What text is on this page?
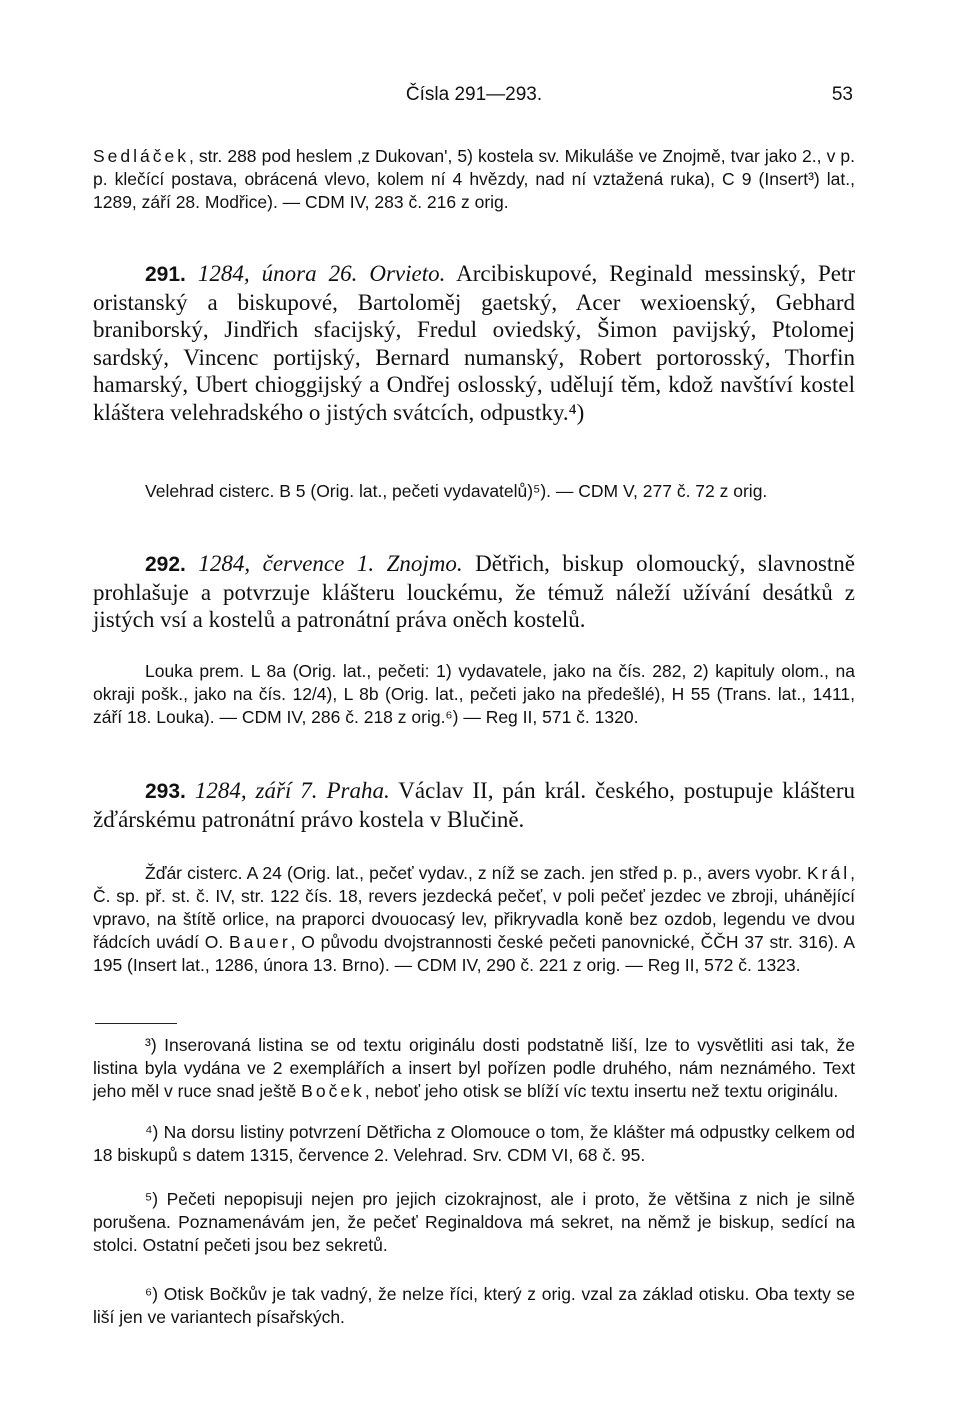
Čísla 291—293.	53
Sedláček, str. 288 pod heslem ‚z Dukovan', 5) kostela sv. Mikuláše ve Znojmě, tvar jako 2., v p. p. klečící postava, obrácená vlevo, kolem ní 4 hvězdy, nad ní vztažená ruka), C 9 (Insert³) lat., 1289, září 28. Modřice). — CDM IV, 283 č. 216 z orig.
291. 1284, února 26. Orvieto. Arcibiskupové, Reginald messinský, Petr oristanský a biskupové, Bartoloměj gaetský, Acer wexioenský, Gebhard braniborský, Jindřich sfacijský, Fredul oviedský, Šimon pavijský, Ptolomej sardský, Vincenc portijský, Bernard numanský, Robert portorosský, Thorfin hamarský, Ubert chioggijský a Ondřej oslosský, udělují těm, kdož navštíví kostel kláštera velehradského o jistých svátcích, odpustky.⁴)
Velehrad cisterc. B 5 (Orig. lat., pečeti vydavatelů)⁵). — CDM V, 277 č. 72 z orig.
292. 1284, července 1. Znojmo. Dětřich, biskup olomoucký, slavnostně prohlašuje a potvrzuje klášteru louckému, že témuž náleží užívání desátků z jistých vsí a kostelů a patronátní práva oněch kostelů.
Louka prem. L 8a (Orig. lat., pečeti: 1) vydavatele, jako na čís. 282, 2) kapituly olom., na okraji pošk., jako na čís. 12/4), L 8b (Orig. lat., pečeti jako na předešlé), H 55 (Trans. lat., 1411, září 18. Louka). — CDM IV, 286 č. 218 z orig.⁶) — Reg II, 571 č. 1320.
293. 1284, září 7. Praha. Václav II, pán král. českého, postupuje klášteru žďárskému patronátní právo kostela v Blučině.
Žďár cisterc. A 24 (Orig. lat., pečeť vydav., z níž se zach. jen střed p. p., avers vyobr. Král, Č. sp. př. st. č. IV, str. 122 čís. 18, revers jezdecká pečeť, v poli pečeť jezdec ve zbroji, uhánějící vpravo, na štítě orlice, na praporci dvouocasý lev, přikryvadla koně bez ozdob, legendu ve dvou řádcích uvádí O. Bauer, O původu dvojstrannosti české pečeti panovnické, ČČH 37 str. 316). A 195 (Insert lat., 1286, února 13. Brno). — CDM IV, 290 č. 221 z orig. — Reg II, 572 č. 1323.
³) Inserovaná listina se od textu originálu dosti podstatně liší, lze to vysvětliti asi tak, že listina byla vydána ve 2 exemplářích a insert byl pořízen podle druhého, nám neznámého. Text jeho měl v ruce snad ještě Boček, neboť jeho otisk se blíží víc textu insertu než textu originálu.
⁴) Na dorsu listiny potvrzení Dětřicha z Olomouce o tom, že klášter má odpustky celkem od 18 biskupů s datem 1315, července 2. Velehrad. Srv. CDM VI, 68 č. 95.
⁵) Pečeti nepopisuji nejen pro jejich cizokrajnost, ale i proto, že většina z nich je silně porušena. Poznamenávám jen, že pečeť Reginaldova má sekret, na němž je biskup, sedící na stolci. Ostatní pečeti jsou bez sekretů.
⁶) Otisk Bočkův je tak vadný, že nelze říci, který z orig. vzal za základ otisku. Oba texty se liší jen ve variantech písařských.
